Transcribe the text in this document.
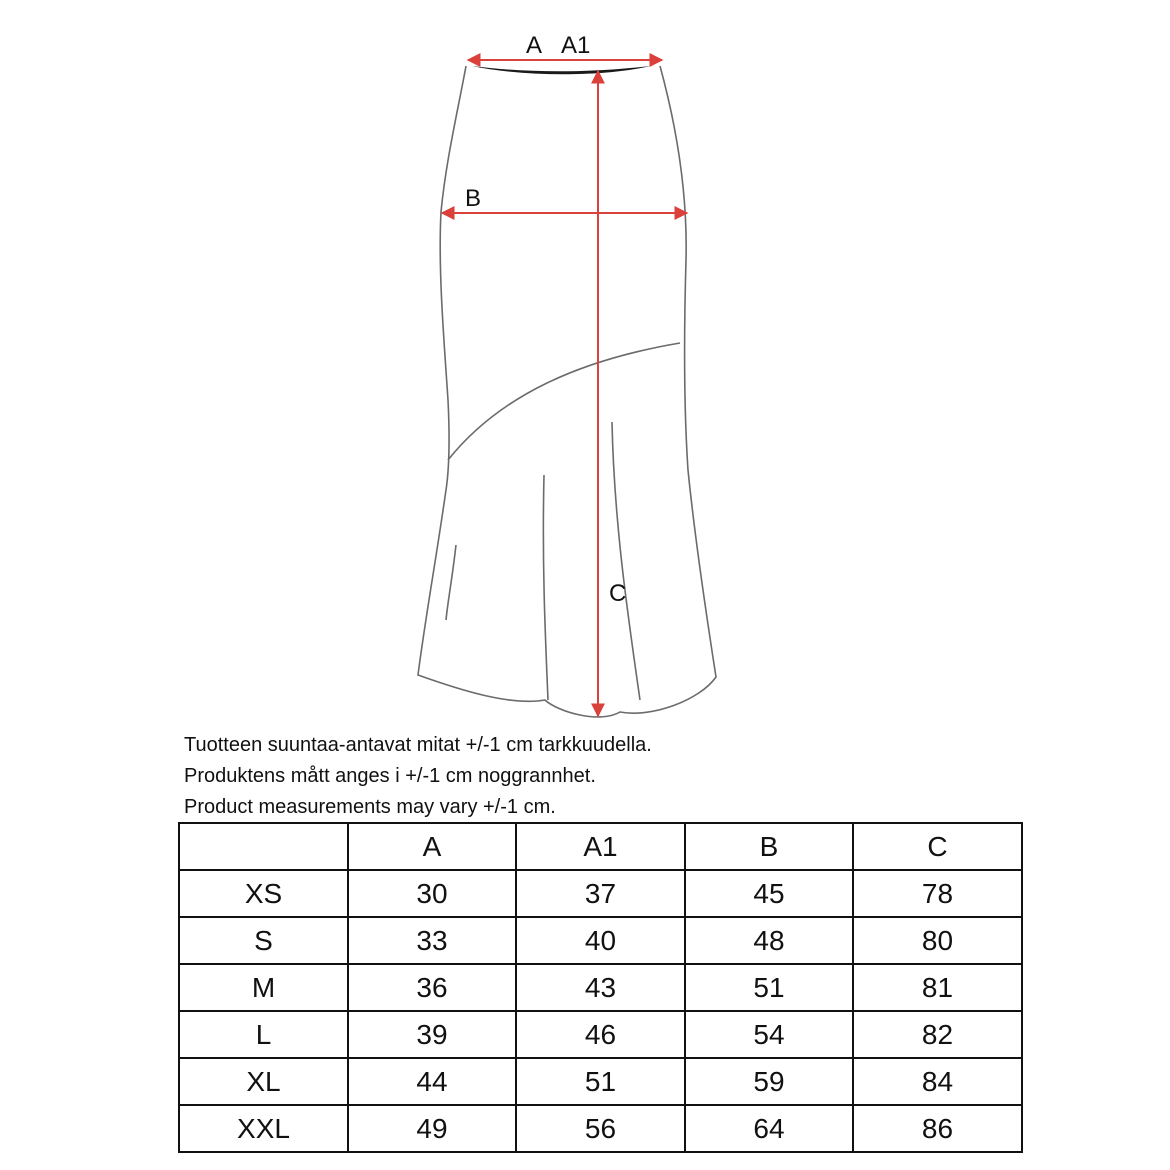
A A1
B
C
Tuotteen suuntaa-antavat mitat +/-1 cm tarkkuudella.
Produktens mått anges i +/-1 cm noggrannhet.
Product measurements may vary +/-1 cm.
	A	A1	B	C
XS	30	37	45	78
S	33	40	48	80
M	36	43	51	81
L	39	46	54	82
XL	44	51	59	84
XXL	49	56	64	86
